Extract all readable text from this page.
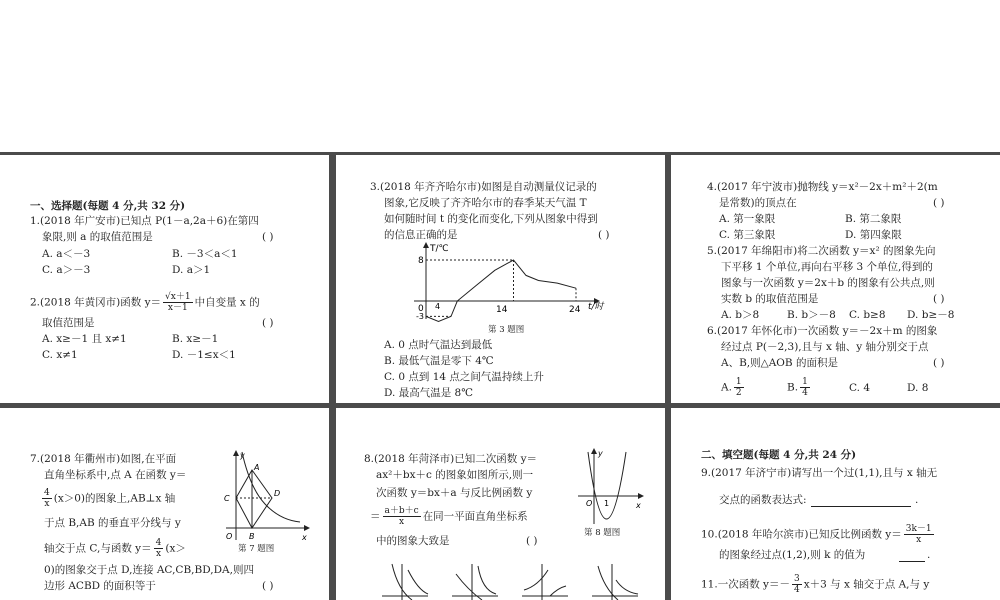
一、选择题(每题 4 分,共 32 分)
1.(2018 年广安市)已知点 P(1－a,2a＋6)在第四
象限,则 a 的取值范围是	( )
A. a＜－3	B. －3＜a＜1
C. a＞－3	D. a＞1
2.(2018 年黄冈市)函数 $y= \frac{√x+1}{x-1}$ 中自变量 x 的
取值范围是	( )
A. x≥－1 且 x≠1	B. x≥－1
C. x≠1	D. －1≤x＜1
3.(2018 年齐齐哈尔市)如图是自动测量仪记录的
图象,它反映了齐齐哈尔市的春季某天气温 T
如何随时间 t 的变化而变化,下列从图象中得到
的信息正确的是	( )
T/℃
t/时
8
-3
0 4	14	24
第 3 题图
A. 0 点时气温达到最低
B. 最低气温是零下 4℃
C. 0 点到 14 点之间气温持续上升
D. 最高气温是 8℃
4.(2017 年宁波市)抛物线 y＝x²－2x＋m²＋2(m
是常数)的顶点在	( )
A. 第一象限	B. 第二象限
C. 第三象限	D. 第四象限
5.(2017 年绵阳市)将二次函数 y＝x² 的图象先向
下平移 1 个单位,再向右平移 3 个单位,得到的
图象与一次函数 y＝2x＋b 的图象有公共点,则
实数 b 的取值范围是	( )
A. b＞8	B. b＞－8 C. b≥8 D. b≥－8
6.(2017 年怀化市)一次函数 y＝－2x＋m 的图象
经过点 P(－2,3),且与 x 轴、y 轴分别交于点
A、B,则△AOB 的面积是	( )
A. $\frac{1}{2}$	B. $\frac{1}{4}$	C. 4	D. 8
7.(2018 年衢州市)如图,在平面
直角坐标系中,点 A 在函数 y＝
$\frac{4}{x} (x>0)$的图象上,AB⊥x 轴
于点 B,AB 的垂直平分线与 y
轴交于点 C,与函数 $y= \frac{4}{x} (x>$
0)的图象交于点 D,连接 AC,CB,BD,DA,则四
边形 ACBD 的面积等于	( )
y
x
A
C
D
B
O
第 7 题图
8.(2018 年菏泽市)已知二次函数 y＝
ax²＋bx＋c 的图象如图所示,则一
次函数 y＝bx＋a 与反比例函数 y
＝ $\frac{a+b+c}{x}$ 在同一平面直角坐标系
中的图象大致是	( )
y
x
O 1
第 8 题图
二、填空题(每题 4 分,共 24 分)
9.(2017 年济宁市)请写出一个过(1,1),且与 x 轴无
交点的函数表达式:	.
10.(2018 年哈尔滨市)已知反比例函数 $y= \frac{3k-1}{x}$
的图象经过点(1,2),则 k 的值为	.
11.一次函数 $y=- \frac{3}{4} x+3$ 与 x 轴交于点 A,与 y
